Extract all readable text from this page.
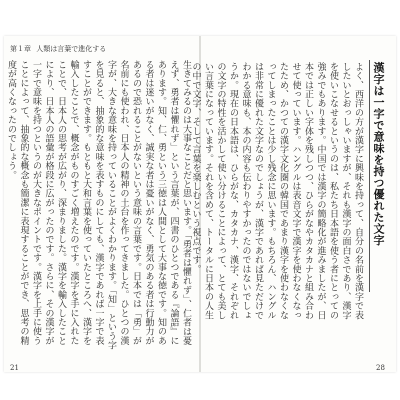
第１章 人類は言葉で進化する

生きてみるのは大事なことだと思います。「勇者は懼れず」、仁者は憂えず、勇者は懼れず」という言葉が、四書のひとつである『論語』にあります。知、仁、勇という三徳は人間として大事な徳です。知のある者は迷いがなく、誠実な者は憂いがなく、勇気のある者は行動力があるので恐れることがないという意味の言葉です。日本では「勇」が名前にも使われ、日本人の精神の土台を作ってきました。ひとつの漢字が、大きな意味を持っていることがよくわかります。「知」という字を見ると、抽象的な意味を表すものにしても、漢字であれば一字で表すことができます。もともと大和言葉を使っていたところへ、漢字を輸入したことで、概念がものすごく増えたのです。漢字を手に入れたことで、日本人の思考が広がり、深まりました。漢字を輸入したことにより、日本人の語彙が格段に広がったのです。さらに、その漢字が一字で意味を持つというのが大きなポイントです。漢字を上手に使うことによって、抽象的な概念も簡潔に表現することができ、思考の精度が高くなったのでしょう。	漢字は一字で意味を持つ優れた文字

よく、西洋の方が漢字に興味を持って、自分の名前を漢字で表したいとおっしゃいますが、それも漢字の面白さであり、漢字を使いこなせるというのは、私たち日本語を使う者にとっての強みでもあります。中国では漢字の簡略化が進みましたが、日本では正しい字体を残しつつ、ひらがなやカタカナと組み合わせて使っています。ハングルは表音文字で漢字を使わなくなったため、かつての漢字文化圏の韓国であまり漢字を使わなくなってしまったことは少し残念に思います。もちろん、ハングルは非常に優れた文字なのでしょうが、漢字であれば見ただけでわかる意味も、本の内容も伝わりやすかったのではないでしょうか。現在の日本語は、ひらがな、カタカナ、漢字、それぞれの文字の特性を活かして使い分けることによって、とても美しい言葉になっています。それを含めて、トータルに日本の人生の中で文字、そして言葉を楽しむという視点です。

21	28
